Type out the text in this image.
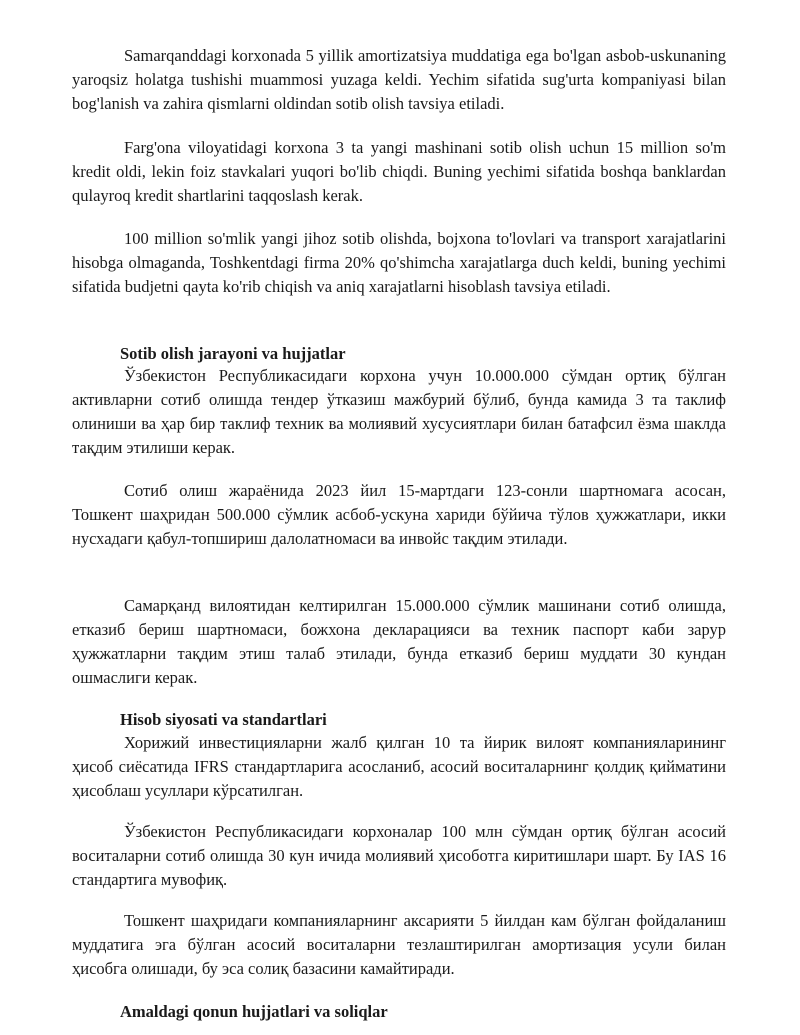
Samarqanddagi korxonada 5 yillik amortizatsiya muddatiga ega bo'lgan asbob-uskunaning yaroqsiz holatga tushishi muammosi yuzaga keldi. Yechim sifatida sug'urta kompaniyasi bilan bog'lanish va zahira qismlarni oldindan sotib olish tavsiya etiladi.

Farg'ona viloyatidagi korxona 3 ta yangi mashinani sotib olish uchun 15 million so'm kredit oldi, lekin foiz stavkalari yuqori bo'lib chiqdi. Buning yechimi sifatida boshqa banklardan qulayroq kredit shartlarini taqqoslash kerak.

100 million so'mlik yangi jihoz sotib olishda, bojxona to'lovlari va transport xarajatlarini hisobga olmaganda, Toshkentdagi firma 20% qo'shimcha xarajatlarga duch keldi, buning yechimi sifatida budjetni qayta ko'rib chiqish va aniq xarajatlarni hisoblash tavsiya etiladi.

Sotib olish jarayoni va hujjatlar

Ўзбекистон Республикасидаги корхона учун 10.000.000 сўмдан ортиқ бўлган активларни сотиб олишда тендер ўтказиш мажбурий бўлиб, бунда камида 3 та таклиф олиниши ва ҳар бир таклиф техник ва молиявий хусусиятлари билан батафсил ёзма шаклда тақдим этилиши керак.

Сотиб олиш жараёнида 2023 йил 15-мартдаги 123-сонли шартномага асосан, Тошкент шаҳридан 500.000 сўмлик асбоб-ускуна хариди бўйича тўлов ҳужжатлари, икки нусхадаги қабул-топшириш далолатномаси ва инвойс тақдим этилади.

Самарқанд вилоятидан келтирилган 15.000.000 сўмлик машинани сотиб олишда, етказиб бериш шартномаси, божхона декларацияси ва техник паспорт каби зарур ҳужжатларни тақдим этиш талаб этилади, бунда етказиб бериш муддати 30 кундан ошмаслиги керак.

Hisob siyosati va standartlari

Хорижий инвестицияларни жалб қилган 10 та йирик вилоят компанияларининг ҳисоб сиёсатида IFRS стандартларига асосланиб, асосий воситаларнинг қолдиқ қийматини ҳисоблаш усуллари кўрсатилган.

Ўзбекистон Республикасидаги корхоналар 100 млн сўмдан ортиқ бўлган асосий воситаларни сотиб олишда 30 кун ичида молиявий ҳисоботга киритишлари шарт. Бу IAS 16 стандартига мувофиқ.

Тошкент шаҳридаги компанияларнинг аксарияти 5 йилдан кам бўлган фойдаланиш муддатига эга бўлган асосий воситаларни тезлаштирилган амортизация усули билан ҳисобга олишади, бу эса солиқ базасини камайтиради.

Amaldagi qonun hujjatlari va soliqlar
